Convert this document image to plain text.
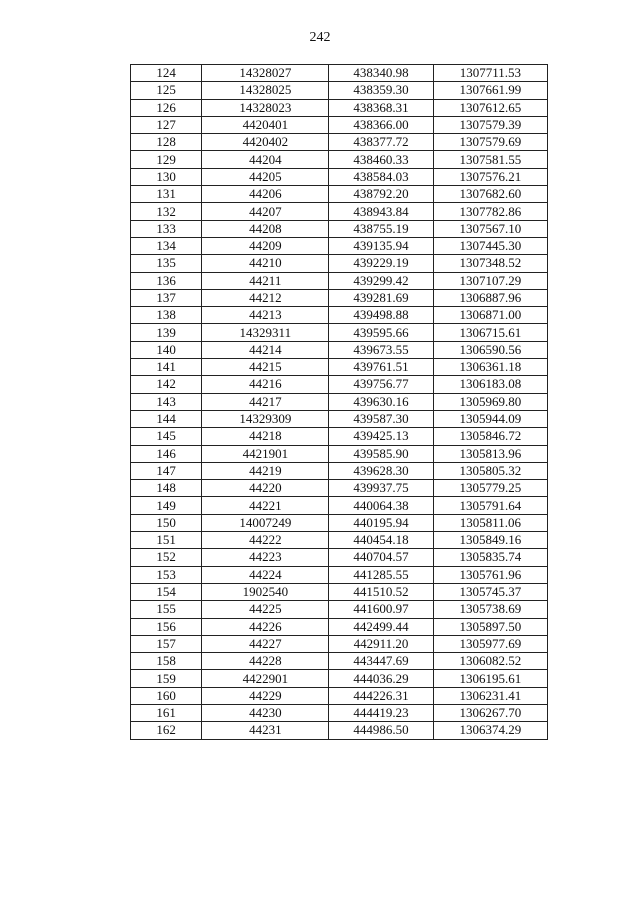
242
124	14328027	438340.98	1307711.53
125	14328025	438359.30	1307661.99
126	14328023	438368.31	1307612.65
127	4420401	438366.00	1307579.39
128	4420402	438377.72	1307579.69
129	44204	438460.33	1307581.55
130	44205	438584.03	1307576.21
131	44206	438792.20	1307682.60
132	44207	438943.84	1307782.86
133	44208	438755.19	1307567.10
134	44209	439135.94	1307445.30
135	44210	439229.19	1307348.52
136	44211	439299.42	1307107.29
137	44212	439281.69	1306887.96
138	44213	439498.88	1306871.00
139	14329311	439595.66	1306715.61
140	44214	439673.55	1306590.56
141	44215	439761.51	1306361.18
142	44216	439756.77	1306183.08
143	44217	439630.16	1305969.80
144	14329309	439587.30	1305944.09
145	44218	439425.13	1305846.72
146	4421901	439585.90	1305813.96
147	44219	439628.30	1305805.32
148	44220	439937.75	1305779.25
149	44221	440064.38	1305791.64
150	14007249	440195.94	1305811.06
151	44222	440454.18	1305849.16
152	44223	440704.57	1305835.74
153	44224	441285.55	1305761.96
154	1902540	441510.52	1305745.37
155	44225	441600.97	1305738.69
156	44226	442499.44	1305897.50
157	44227	442911.20	1305977.69
158	44228	443447.69	1306082.52
159	4422901	444036.29	1306195.61
160	44229	444226.31	1306231.41
161	44230	444419.23	1306267.70
162	44231	444986.50	1306374.29
